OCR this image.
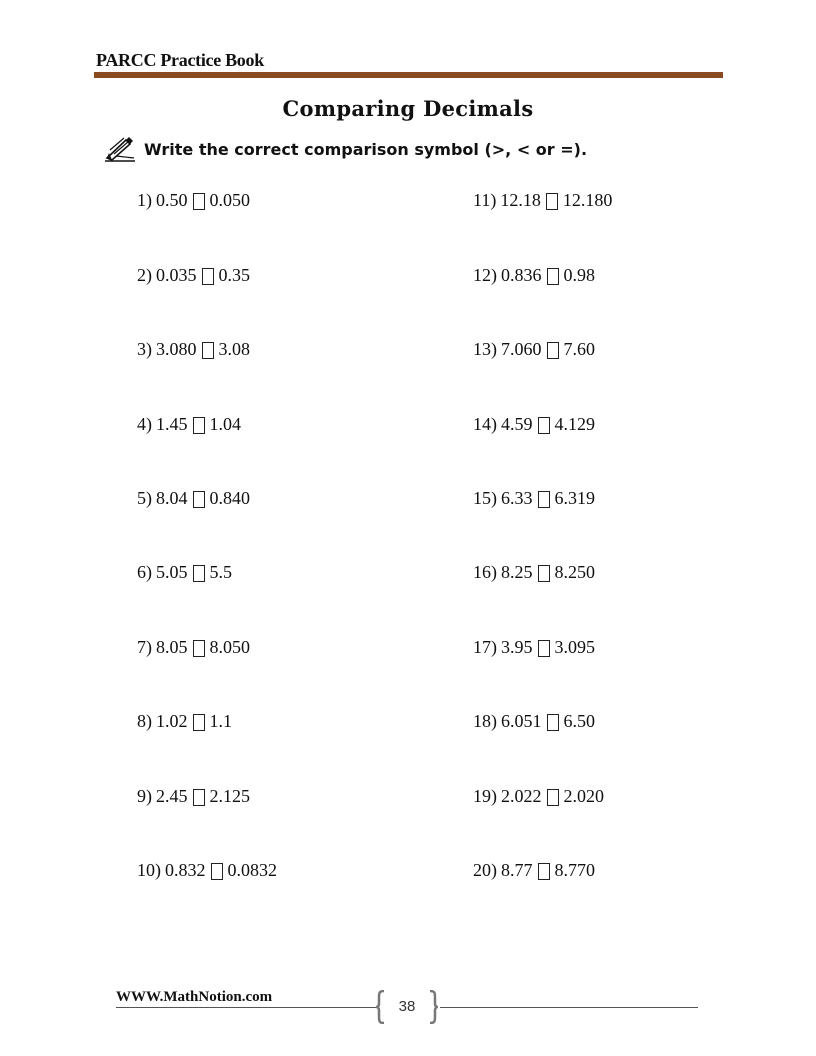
PARCC Practice Book
Comparing Decimals
Write the correct comparison symbol (>, < or =).
1) 0.50 0.050
2) 0.035 0.35
3) 3.080 3.08
4) 1.45 1.04
5) 8.04 0.840
6) 5.05 5.5
7) 8.05 8.050
8) 1.02 1.1
9) 2.45 2.125
10) 0.832 0.0832
11) 12.18 12.180
12) 0.836 0.98
13) 7.060 7.60
14) 4.59 4.129
15) 6.33 6.319
16) 8.25 8.250
17) 3.95 3.095
18) 6.051 6.50
19) 2.022 2.020
20) 8.77 8.770
WWW.MathNotion.com
38
